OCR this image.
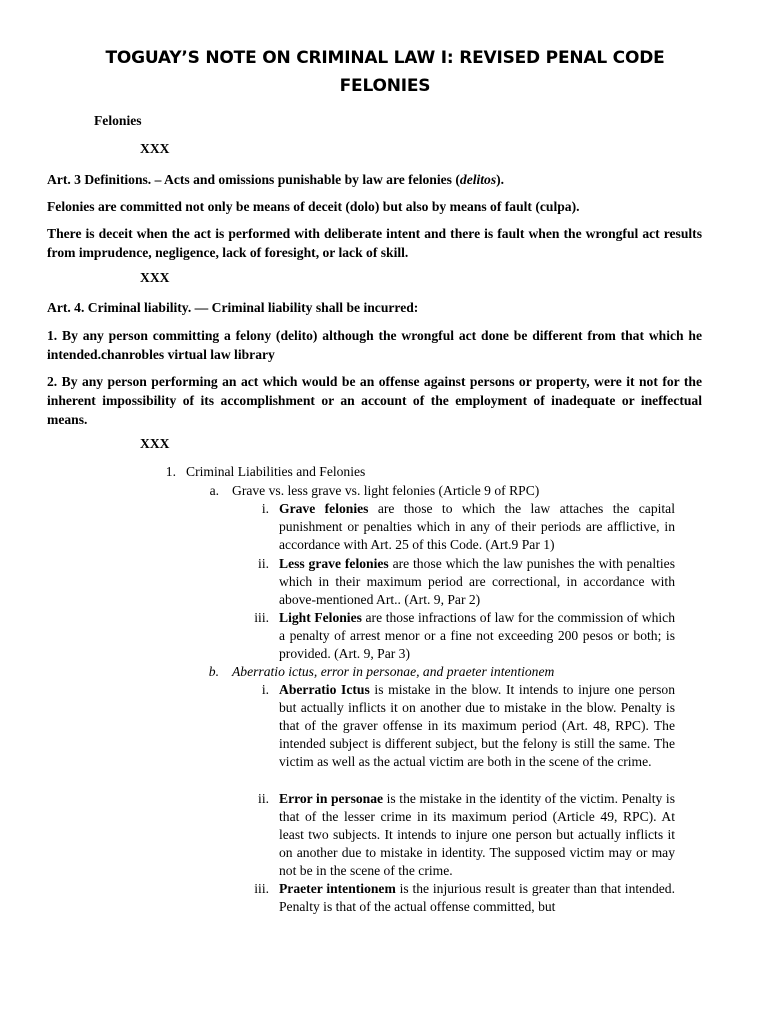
TOGUAY’S NOTE ON CRIMINAL LAW I: REVISED PENAL CODE
FELONIES
Felonies
XXX
Art. 3 Definitions. – Acts and omissions punishable by law are felonies (delitos).
Felonies are committed not only be means of deceit (dolo) but also by means of fault (culpa).
There is deceit when the act is performed with deliberate intent and there is fault when the wrongful act results from imprudence, negligence, lack of foresight, or lack of skill.
XXX
Art. 4. Criminal liability. — Criminal liability shall be incurred:
1. By any person committing a felony (delito) although the wrongful act done be different from that which he intended.chanrobles virtual law library
2. By any person performing an act which would be an offense against persons or property, were it not for the inherent impossibility of its accomplishment or an account of the employment of inadequate or ineffectual means.
XXX
1. Criminal Liabilities and Felonies
a. Grave vs. less grave vs. light felonies (Article 9 of RPC)
i. Grave felonies are those to which the law attaches the capital punishment or penalties which in any of their periods are afflictive, in accordance with Art. 25 of this Code. (Art.9 Par 1)
ii. Less grave felonies are those which the law punishes the with penalties which in their maximum period are correctional, in accordance with above-mentioned Art.. (Art. 9, Par 2)
iii. Light Felonies are those infractions of law for the commission of which a penalty of arrest menor or a fine not exceeding 200 pesos or both; is provided. (Art. 9, Par 3)
b. Aberratio ictus, error in personae, and praeter intentionem
i. Aberratio Ictus is mistake in the blow. It intends to injure one person but actually inflicts it on another due to mistake in the blow. Penalty is that of the graver offense in its maximum period (Art. 48, RPC). The intended subject is different subject, but the felony is still the same. The victim as well as the actual victim are both in the scene of the crime.
ii. Error in personae is the mistake in the identity of the victim. Penalty is that of the lesser crime in its maximum period (Article 49, RPC). At least two subjects. It intends to injure one person but actually inflicts it on another due to mistake in identity. The supposed victim may or may not be in the scene of the crime.
iii. Praeter intentionem is the injurious result is greater than that intended. Penalty is that of the actual offense committed, but
